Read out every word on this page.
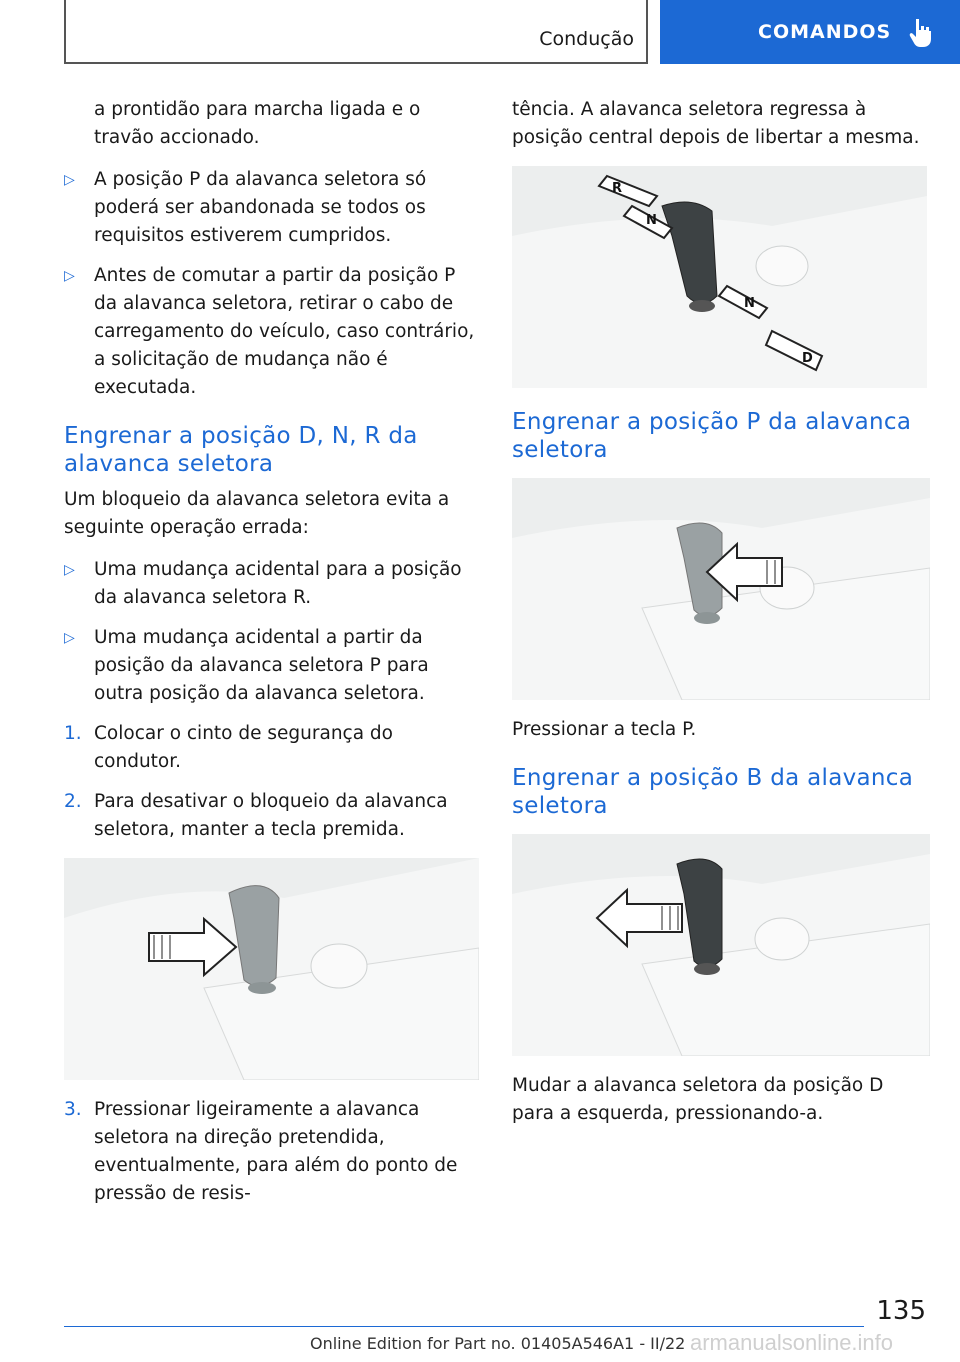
Condução	COMANDOS

a prontidão para marcha ligada e o travão accionado.

▷	A posição P da alavanca seletora só poderá ser abandonada se todos os requisitos estiverem cumpridos.
▷	Antes de comutar a partir da posição P da alavanca seletora, retirar o cabo de carregamento do veículo, caso contrário, a solicitação de mudança não é executada.
Engrenar a posição D, N, R da alavanca seletora

Um bloqueio da alavanca seletora evita a seguinte operação errada:

▷	Uma mudança acidental para a posição da alavanca seletora R.
▷	Uma mudança acidental a partir da posição da alavanca seletora P para outra posição da alavanca seletora.
1. Colocar o cinto de segurança do condutor.
2. Para desativar o bloqueio da alavanca seletora, manter a tecla premida.
3. Pressionar ligeiramente a alavanca seletora na direção pretendida, eventualmente, para além do ponto de pressão de resis-

tência. A alavanca seletora regressa à posição central depois de libertar a mesma.

R
N
N
D
Engrenar a posição P da alavanca seletora

Pressionar a tecla P.

Engrenar a posição B da alavanca seletora

Mudar a alavanca seletora da posição D para a esquerda, pressionando-a.

135
Online Edition for Part no. 01405A546A1 - II/22 armanualsonline.info
